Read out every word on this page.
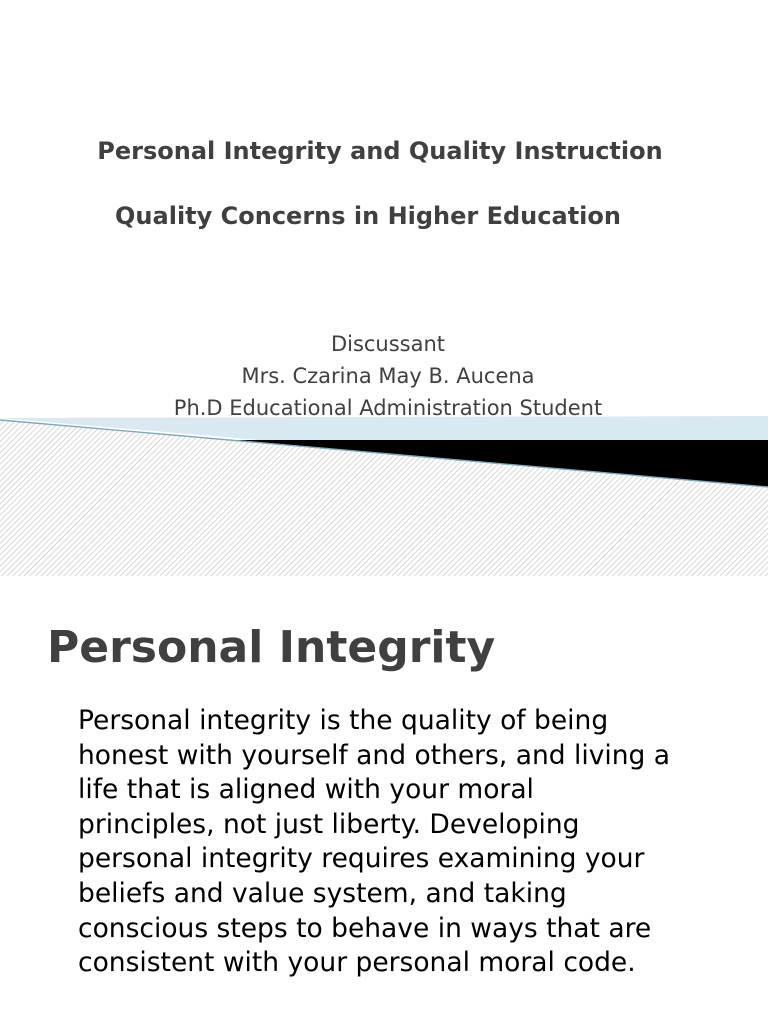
Personal Integrity and Quality Instruction
Quality Concerns in Higher Education
Discussant
Mrs. Czarina May B. Aucena
Ph.D Educational Administration Student
Personal Integrity
Personal integrity is the quality of being
honest with yourself and others, and living a
life that is aligned with your moral
principles, not just liberty. Developing
personal integrity requires examining your
beliefs and value system, and taking
conscious steps to behave in ways that are
consistent with your personal moral code.
